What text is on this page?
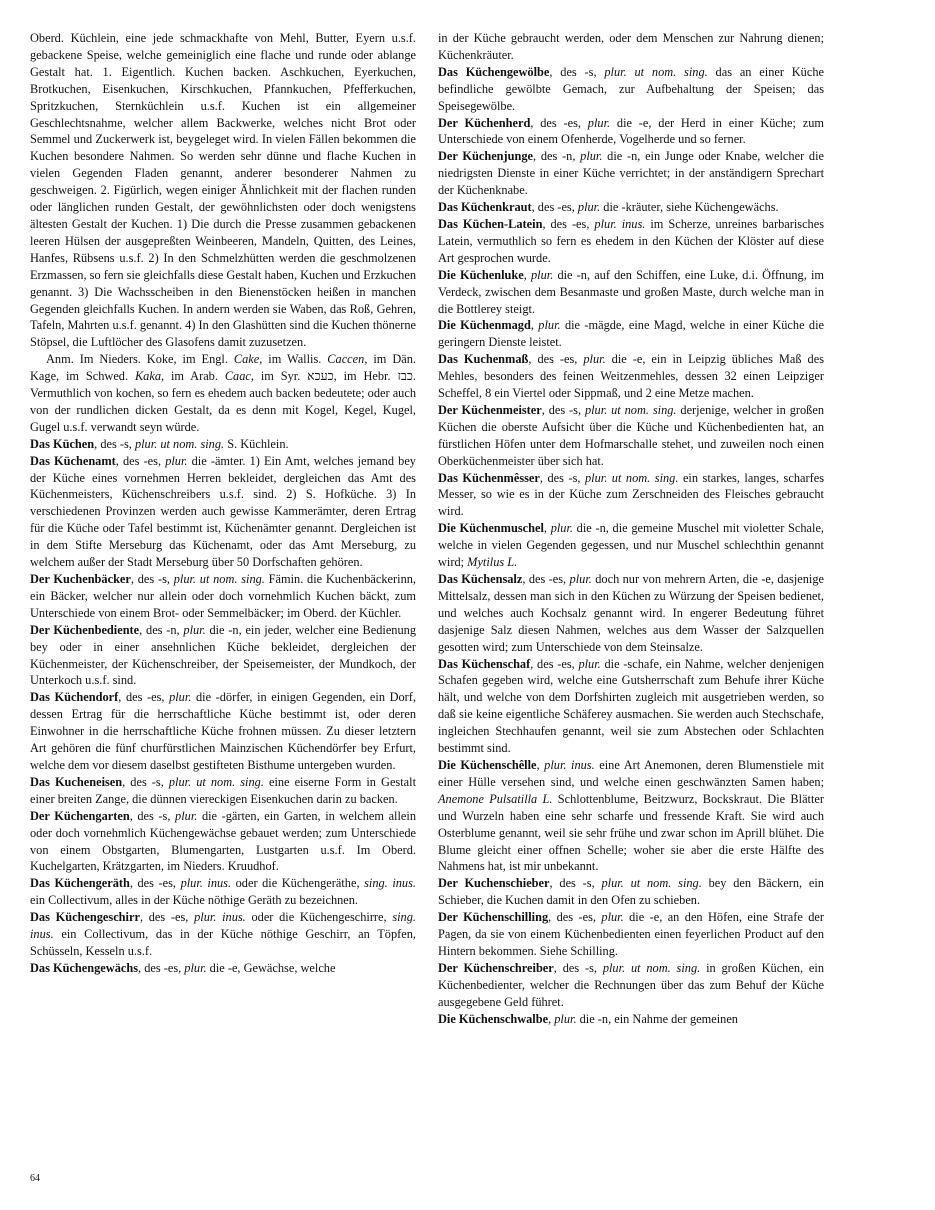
Oberd. Küchlein, eine jede schmackhafte von Mehl, Butter, Eyern u.s.f. gebackene Speise, welche gemeiniglich eine flache und runde oder ablange Gestalt hat. 1. Eigentlich. Kuchen backen. Aschkuchen, Eyerkuchen, Brotkuchen, Eisenkuchen, Kirschkuchen, Pfannkuchen, Pfefferkuchen, Spritzkuchen, Sternküchlein u.s.f. Kuchen ist ein allgemeiner Geschlechtsnahme, welcher allem Backwerke, welches nicht Brot oder Semmel und Zuckerwerk ist, beygeleget wird. In vielen Fällen bekommen die Kuchen besondere Nahmen. So werden sehr dünne und flache Kuchen in vielen Gegenden Fladen genannt, anderer besonderer Nahmen zu geschweigen. 2. Figürlich, wegen einiger Ähnlichkeit mit der flachen runden oder länglichen runden Gestalt, der gewöhnlichsten oder doch wenigstens ältesten Gestalt der Kuchen. 1) Die durch die Presse zusammen gebackenen leeren Hülsen der ausgepreßten Weinbeeren, Mandeln, Quitten, des Leines, Hanfes, Rübsens u.s.f. 2) In den Schmelzhütten werden die geschmolzenen Erzmassen, so fern sie gleichfalls diese Gestalt haben, Kuchen und Erzkuchen genannt. 3) Die Wachsscheiben in den Bienenstöcken heißen in manchen Gegenden gleichfalls Kuchen. In andern werden sie Waben, das Roß, Gehren, Tafeln, Mahrten u.s.f. genannt. 4) In den Glashütten sind die Kuchen thönerne Stöpsel, die Luftlöcher des Glasofens damit zuzusetzen.

Anm. Im Nieders. Koke, im Engl. Cake, im Wallis. Caccen, im Dän. Kage, im Schwed. Kaka, im Arab. Caac, im Syr. כעכא, im Hebr. כבז. Vermuthlich von kochen, so fern es ehedem auch backen bedeutete; oder auch von der rundlichen dicken Gestalt, da es denn mit Kogel, Kegel, Kugel, Gugel u.s.f. verwandt seyn würde.

Das Küchen, des -s, plur. ut nom. sing. S. Küchlein.

Das Küchenamt, des -es, plur. die -ämter. 1) Ein Amt, welches jemand bey der Küche eines vornehmen Herren bekleidet, dergleichen das Amt des Küchenmeisters, Küchenschreibers u.s.f. sind. 2) S. Hofküche. 3) In verschiedenen Provinzen werden auch gewisse Kammerämter, deren Ertrag für die Küche oder Tafel bestimmt ist, Küchenämter genannt. Dergleichen ist in dem Stifte Merseburg das Küchenamt, oder das Amt Merseburg, zu welchem außer der Stadt Merseburg über 50 Dorfschaften gehören.

Der Kuchenbäcker, des -s, plur. ut nom. sing. Fämin. die Kuchenbäckerinn, ein Bäcker, welcher nur allein oder doch vornehmlich Kuchen bäckt, zum Unterschiede von einem Brot- oder Semmelbäcker; im Oberd. der Küchler.

Der Küchenbediente, des -n, plur. die -n, ein jeder, welcher eine Bedienung bey oder in einer ansehnlichen Küche bekleidet, dergleichen der Küchenmeister, der Küchenschreiber, der Speisemeister, der Mundkoch, der Unterkoch u.s.f. sind.

Das Küchendorf, des -es, plur. die -dörfer, in einigen Gegenden, ein Dorf, dessen Ertrag für die herrschaftliche Küche bestimmt ist, oder deren Einwohner in die herrschaftliche Küche frohnen müssen. Zu dieser letztern Art gehören die fünf churfürstlichen Mainzischen Küchendörfer bey Erfurt, welche dem vor diesem daselbst gestifteten Bisthume untergeben wurden.

Das Kucheneisen, des -s, plur. ut nom. sing. eine eiserne Form in Gestalt einer breiten Zange, die dünnen viereckigen Eisenkuchen darin zu backen.

Der Küchengarten, des -s, plur. die -gärten, ein Garten, in welchem allein oder doch vornehmlich Küchengewächse gebauet werden; zum Unterschiede von einem Obstgarten, Blumengarten, Lustgarten u.s.f. Im Oberd. Kuchelgarten, Krätzgarten, im Nieders. Kruudhof.

Das Küchengeräth, des -es, plur. inus. oder die Küchengeräthe, sing. inus. ein Collectivum, alles in der Küche nöthige Geräth zu bezeichnen.

Das Küchengeschirr, des -es, plur. inus. oder die Küchengeschirre, sing. inus. ein Collectivum, das in der Küche nöthige Geschirr, an Töpfen, Schüsseln, Kesseln u.s.f.

Das Küchengewächs, des -es, plur. die -e, Gewächse, welche

in der Küche gebraucht werden, oder dem Menschen zur Nahrung dienen; Küchenkräuter.

Das Küchengewölbe, des -s, plur. ut nom. sing. das an einer Küche befindliche gewölbte Gemach, zur Aufbehaltung der Speisen; das Speisegewölbe.

Der Küchenherd, des -es, plur. die -e, der Herd in einer Küche; zum Unterschiede von einem Ofenherde, Vogelherde und so ferner.

Der Küchenjunge, des -n, plur. die -n, ein Junge oder Knabe, welcher die niedrigsten Dienste in einer Küche verrichtet; in der anständigern Sprechart der Küchenknabe.

Das Küchenkraut, des -es, plur. die -kräuter, siehe Küchengewächs.

Das Küchen-Latein, des -es, plur. inus. im Scherze, unreines barbarisches Latein, vermuthlich so fern es ehedem in den Küchen der Klöster auf diese Art gesprochen wurde.

Die Küchenluke, plur. die -n, auf den Schiffen, eine Luke, d.i. Öffnung, im Verdeck, zwischen dem Besanmaste und großen Maste, durch welche man in die Bottlerey steigt.

Die Küchenmagd, plur. die -mägde, eine Magd, welche in einer Küche die geringern Dienste leistet.

Das Kuchenmaß, des -es, plur. die -e, ein in Leipzig übliches Maß des Mehles, besonders des feinen Weitzenmehles, dessen 32 einen Leipziger Scheffel, 8 ein Viertel oder Sippmaß, und 2 eine Metze machen.

Der Küchenmeister, des -s, plur. ut nom. sing. derjenige, welcher in großen Küchen die oberste Aufsicht über die Küche und Küchenbedienten hat, an fürstlichen Höfen unter dem Hofmarschalle stehet, und zuweilen noch einen Oberküchenmeister über sich hat.

Das Küchenmêsser, des -s, plur. ut nom. sing. ein starkes, langes, scharfes Messer, so wie es in der Küche zum Zerschneiden des Fleisches gebraucht wird.

Die Küchenmuschel, plur. die -n, die gemeine Muschel mit violetter Schale, welche in vielen Gegenden gegessen, und nur Muschel schlechthin genannt wird; Mytilus L.

Das Küchensalz, des -es, plur. doch nur von mehrern Arten, die -e, dasjenige Mittelsalz, dessen man sich in den Küchen zu Würzung der Speisen bedienet, und welches auch Kochsalz genannt wird. In engerer Bedeutung führet dasjenige Salz diesen Nahmen, welches aus dem Wasser der Salzquellen gesotten wird; zum Unterschiede von dem Steinsalze.

Das Küchenschaf, des -es, plur. die -schafe, ein Nahme, welcher denjenigen Schafen gegeben wird, welche eine Gutsherrschaft zum Behufe ihrer Küche hält, und welche von dem Dorfshirten zugleich mit ausgetrieben werden, so daß sie keine eigentliche Schäferey ausmachen. Sie werden auch Stechschafe, ingleichen Stechhaufen genannt, weil sie zum Abstechen oder Schlachten bestimmt sind.

Die Küchenschêlle, plur. inus. eine Art Anemonen, deren Blumenstiele mit einer Hülle versehen sind, und welche einen geschwänzten Samen haben; Anemone Pulsatilla L. Schlottenblume, Beitzwurz, Bockskraut. Die Blätter und Wurzeln haben eine sehr scharfe und fressende Kraft. Sie wird auch Osterblume genannt, weil sie sehr frühe und zwar schon im Aprill blühet. Die Blume gleicht einer offnen Schelle; woher sie aber die erste Hälfte des Nahmens hat, ist mir unbekannt.

Der Kuchenschieber, des -s, plur. ut nom. sing. bey den Bäckern, ein Schieber, die Kuchen damit in den Ofen zu schieben.

Der Küchenschilling, des -es, plur. die -e, an den Höfen, eine Strafe der Pagen, da sie von einem Küchenbedienten einen feyerlichen Product auf den Hintern bekommen. Siehe Schilling.

Der Küchenschreiber, des -s, plur. ut nom. sing. in großen Küchen, ein Küchenbedienter, welcher die Rechnungen über das zum Behuf der Küche ausgegebene Geld führet.

Die Küchenschwalbe, plur. die -n, ein Nahme der gemeinen

64
